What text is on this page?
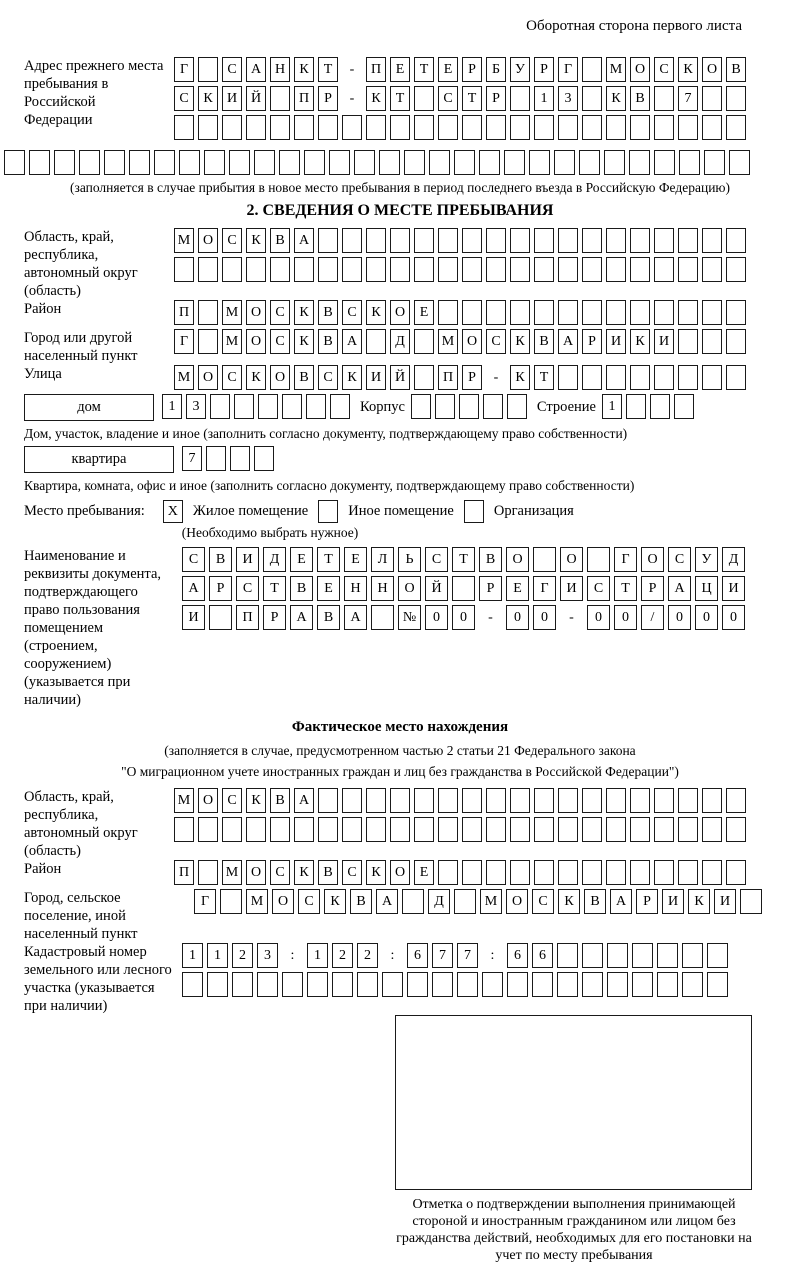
Оборотная сторона первого листа
Адрес прежнего места пребывания в Российской Федерации
Г	С	А Н	К	Т	-	П	Е	Т	Е	Р	Б	У	Р	Г	М О	С	К	О	В
С	К	И Й	П	Р	-	К	Т	С	Т	Р	1	3	К	В	7
(заполняется в случае прибытия в новое место пребывания в период последнего въезда в Российскую Федерацию)
2. СВЕДЕНИЯ О МЕСТЕ ПРЕБЫВАНИЯ
Область, край, республика, автономный округ (область)
М О	С	К	В	А
Район	П	М О	С	К	В	С	К	О	Е
Город или другой населенный пункт
Г	М О	С	К	В	А	Д	М О	С	К	В	А	Р	И	К	И
Улица	М О	С	К	О	В	С	К	И Й	П	Р	-	К	Т
дом	1	3	Корпус	Строение 1
Дом, участок, владение и иное (заполнить согласно документу, подтверждающему право собственности)
квартира	7
Квартира, комната, офис и иное (заполнить согласно документу, подтверждающему право собственности)
Место пребывания:	X	Жилое помещение	Иное помещение	Организация
(Необходимо выбрать нужное)
Наименование и реквизиты документа, подтверждающего право пользования помещением (строением, сооружением) (указывается при наличии)
С	В	И	Д	Е	Т	Е	Л	Ь	С	Т	В	О	О	Г	О	С	У	Д
А	Р	С	Т	В	Е	Н	Н	О	Й	Р	Е	Г	И	С	Т	Р	А	Ц	И
И	П	Р	А	В	А	№	0	0	-	0	0	-	0	0	/	0	0	0
Фактическое место нахождения
(заполняется в случае, предусмотренном частью 2 статьи 21 Федерального закона
"О миграционном учете иностранных граждан и лиц без гражданства в Российской Федерации")
Область, край, республика, автономный округ (область)
М О	С	К	В	А
Район	П	М О	С	К	В	С	К	О	Е
Город, сельское поселение, иной населенный пункт
Г	М	О	С	К	В	А	Д	М	О	С	К	В	А	Р	И	К	И
Кадастровый номер земельного или лесного участка (указывается при наличии)
1	1	2	3	:	1	2	2	:	6	7	7	:	6	6
Отметка о подтверждении выполнения принимающей стороной и иностранным гражданином или лицом без гражданства действий, необходимых для его постановки на учет по месту пребывания
